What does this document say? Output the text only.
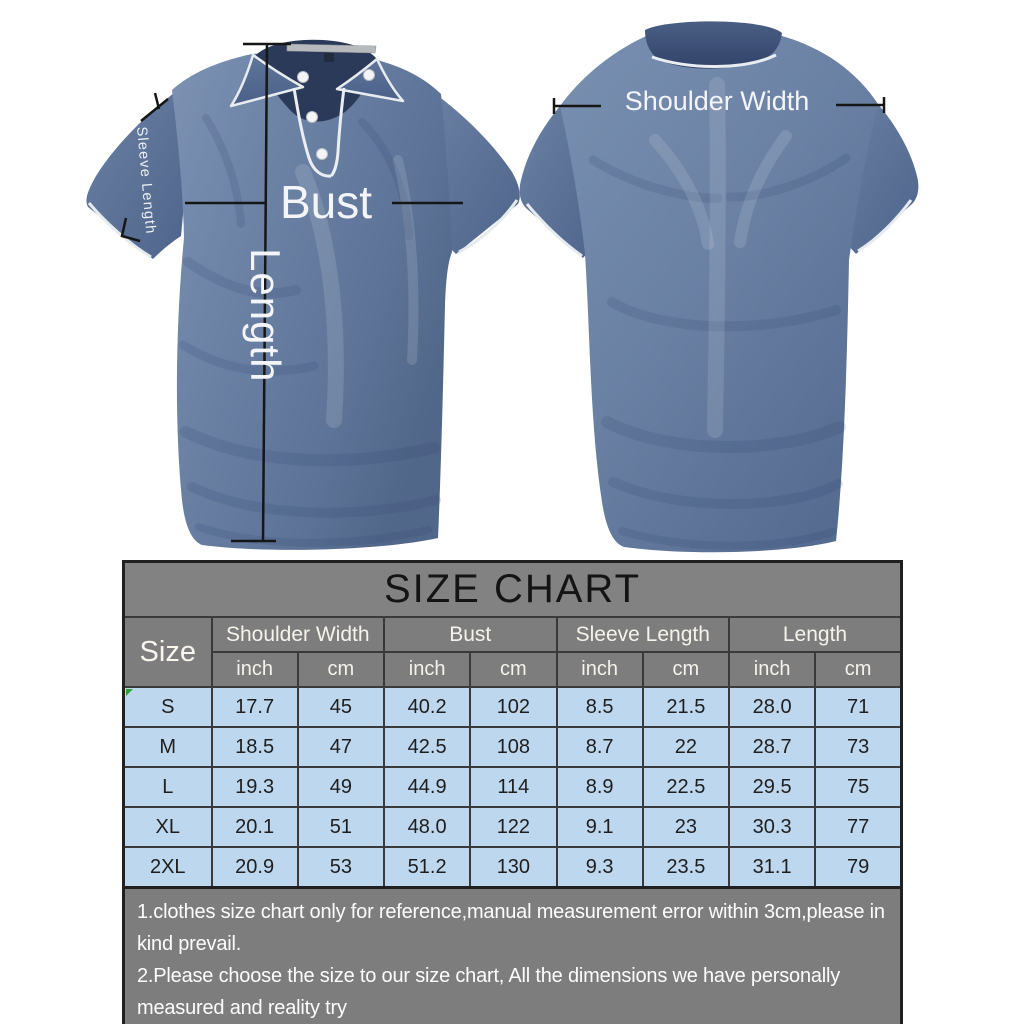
Bust
Length
Sleeve Length
Shoulder Width
SIZE CHART								
Size	Shoulder Width		Bust		Sleeve Length		Length	
	inch	cm	inch	cm	inch	cm	inch	cm
S	17.7	45	40.2	102	8.5	21.5	28.0	71
M	18.5	47	42.5	108	8.7	22	28.7	73
L	19.3	49	44.9	114	8.9	22.5	29.5	75
XL	20.1	51	48.0	122	9.1	23	30.3	77
2XL	20.9	53	51.2	130	9.3	23.5	31.1	79

1.clothes size chart only for reference,manual measurement error within 3cm,please in kind prevail.

2.Please choose the size to our size chart, All the dimensions we have personally measured and reality try
